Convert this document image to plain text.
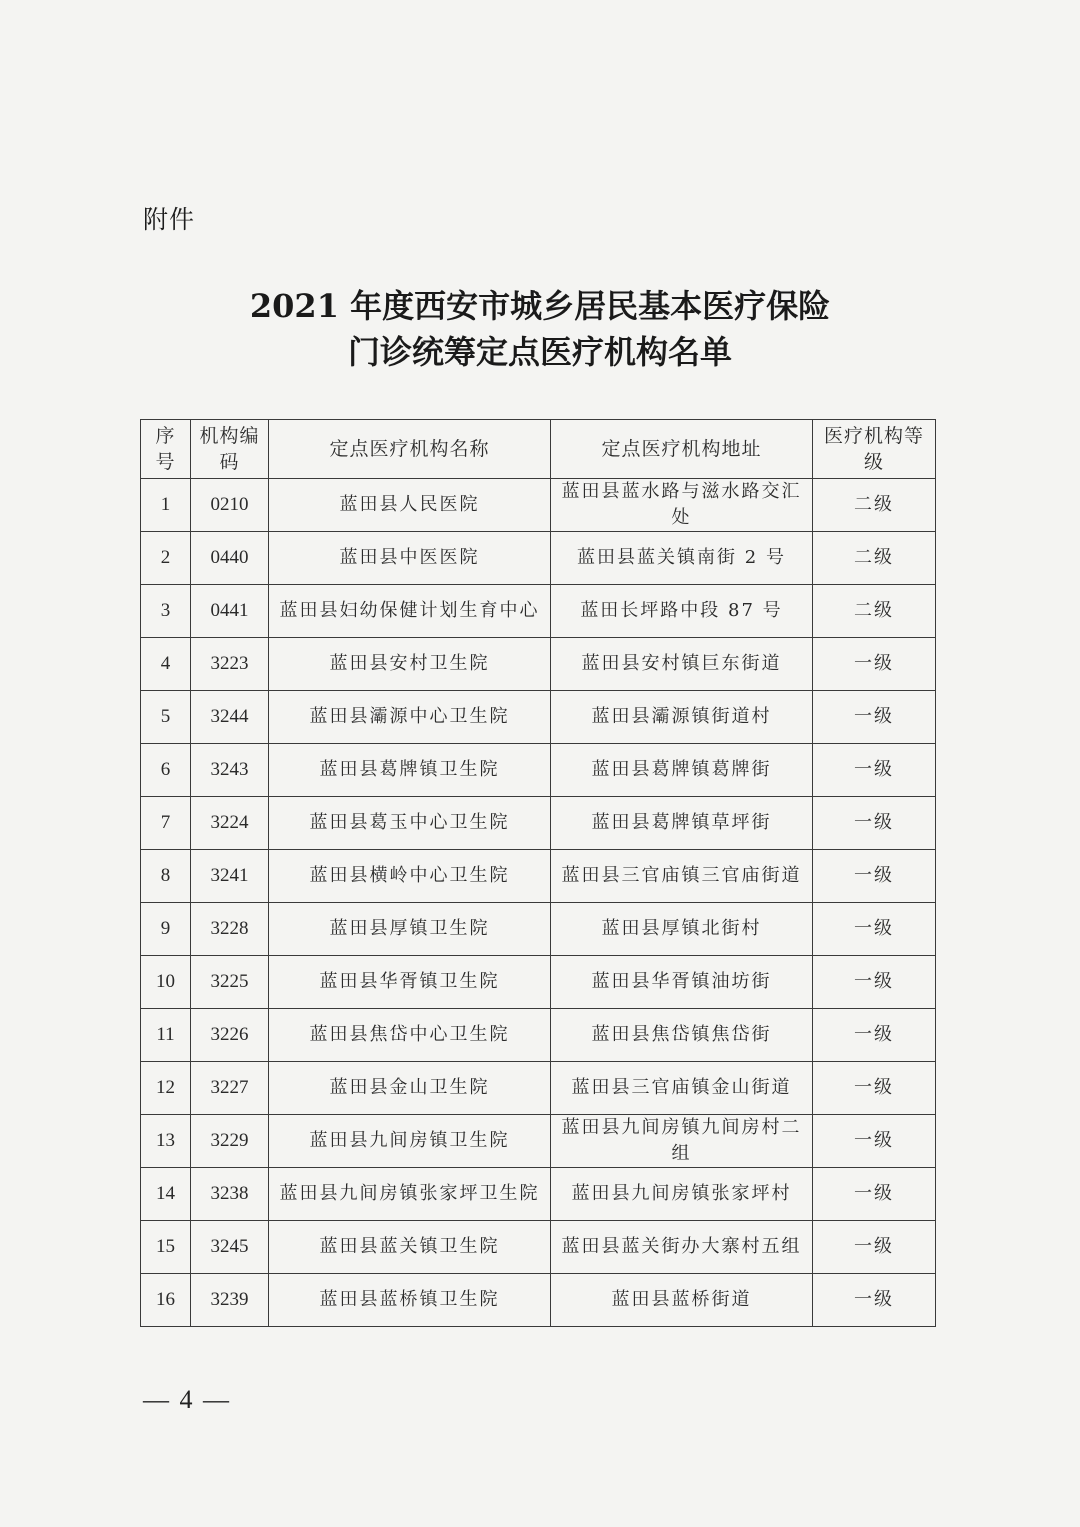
附件
2021 年度西安市城乡居民基本医疗保险
门诊统筹定点医疗机构名单
序号	机构编码	定点医疗机构名称	定点医疗机构地址	医疗机构等级
1	0210	蓝田县人民医院	蓝田县蓝水路与滋水路交汇处	二级
2	0440	蓝田县中医医院	蓝田县蓝关镇南街 2 号	二级
3	0441	蓝田县妇幼保健计划生育中心	蓝田长坪路中段 87 号	二级
4	3223	蓝田县安村卫生院	蓝田县安村镇巨东街道	一级
5	3244	蓝田县灞源中心卫生院	蓝田县灞源镇街道村	一级
6	3243	蓝田县葛牌镇卫生院	蓝田县葛牌镇葛牌街	一级
7	3224	蓝田县葛玉中心卫生院	蓝田县葛牌镇草坪街	一级
8	3241	蓝田县横岭中心卫生院	蓝田县三官庙镇三官庙街道	一级
9	3228	蓝田县厚镇卫生院	蓝田县厚镇北街村	一级
10	3225	蓝田县华胥镇卫生院	蓝田县华胥镇油坊街	一级
11	3226	蓝田县焦岱中心卫生院	蓝田县焦岱镇焦岱街	一级
12	3227	蓝田县金山卫生院	蓝田县三官庙镇金山街道	一级
13	3229	蓝田县九间房镇卫生院	蓝田县九间房镇九间房村二组	一级
14	3238	蓝田县九间房镇张家坪卫生院	蓝田县九间房镇张家坪村	一级
15	3245	蓝田县蓝关镇卫生院	蓝田县蓝关街办大寨村五组	一级
16	3239	蓝田县蓝桥镇卫生院	蓝田县蓝桥街道	一级
— 4 —
